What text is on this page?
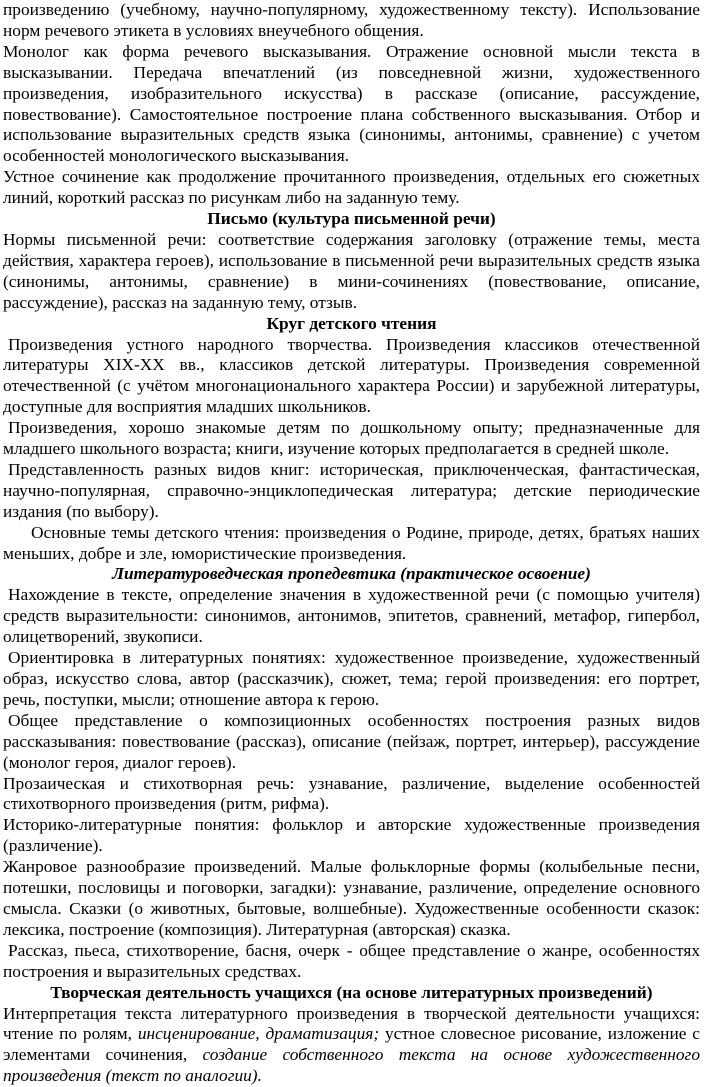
произведению (учебному, научно-популярному, художественному тексту). Использование норм речевого этикета в условиях внеучебного общения.

Монолог как форма речевого высказывания. Отражение основной мысли текста в высказывании. Передача впечатлений (из повседневной жизни, художественного произведения, изобразительного искусства) в рассказе (описание, рассуждение, повествование). Самостоятельное построение плана собственного высказывания. Отбор и использование выразительных средств языка (синонимы, антонимы, сравнение) с учетом особенностей монологического высказывания.

Устное сочинение как продолжение прочитанного произведения, отдельных его сюжетных линий, короткий рассказ по рисункам либо на заданную тему.

Письмо (культура письменной речи)

Нормы письменной речи: соответствие содержания заголовку (отражение темы, места действия, характера героев), использование в письменной речи выразительных средств языка (синонимы, антонимы, сравнение) в мини-сочинениях (повествование, описание, рассуждение), рассказ на заданную тему, отзыв.

Круг детского чтения

Произведения устного народного творчества. Произведения классиков отечественной литературы XIX-ХХ вв., классиков детской литературы. Произведения современной отечественной (с учётом многонационального характера России) и зарубежной литературы, доступные для восприятия младших школьников.

Произведения, хорошо знакомые детям по дошкольному опыту; предназначенные для младшего школьного возраста; книги, изучение которых предполагается в средней школе.

Представленность разных видов книг: историческая, приключенческая, фантастическая, научно-популярная, справочно-энциклопедическая литература; детские периодические издания (по выбору).

Основные темы детского чтения: произведения о Родине, природе, детях, братьях наших меньших, добре и зле, юмористические произведения.

Литературоведческая пропедевтика (практическое освоение)

Нахождение в тексте, определение значения в художественной речи (с помощью учителя) средств выразительности: синонимов, антонимов, эпитетов, сравнений, метафор, гипербол, олицетворений, звукописи.

Ориентировка в литературных понятиях: художественное произведение, художественный образ, искусство слова, автор (рассказчик), сюжет, тема; герой произведения: его портрет, речь, поступки, мысли; отношение автора к герою.

Общее представление о композиционных особенностях построения разных видов рассказывания: повествование (рассказ), описание (пейзаж, портрет, интерьер), рассуждение (монолог героя, диалог героев).

Прозаическая и стихотворная речь: узнавание, различение, выделение особенностей стихотворного произведения (ритм, рифма).

Историко-литературные понятия: фольклор и авторские художественные произведения (различение).

Жанровое разнообразие произведений. Малые фольклорные формы (колыбельные песни, потешки, пословицы и поговорки, загадки): узнавание, различение, определение основного смысла. Сказки (о животных, бытовые, волшебные). Художественные особенности сказок: лексика, построение (композиция). Литературная (авторская) сказка.

Рассказ, пьеса, стихотворение, басня, очерк - общее представление о жанре, особенностях построения и выразительных средствах.

Творческая деятельность учащихся (на основе литературных произведений)

Интерпретация текста литературного произведения в творческой деятельности учащихся: чтение по ролям, инсценирование, драматизация; устное словесное рисование, изложение с элементами сочинения, создание собственного текста на основе художественного произведения (текст по аналогии).
